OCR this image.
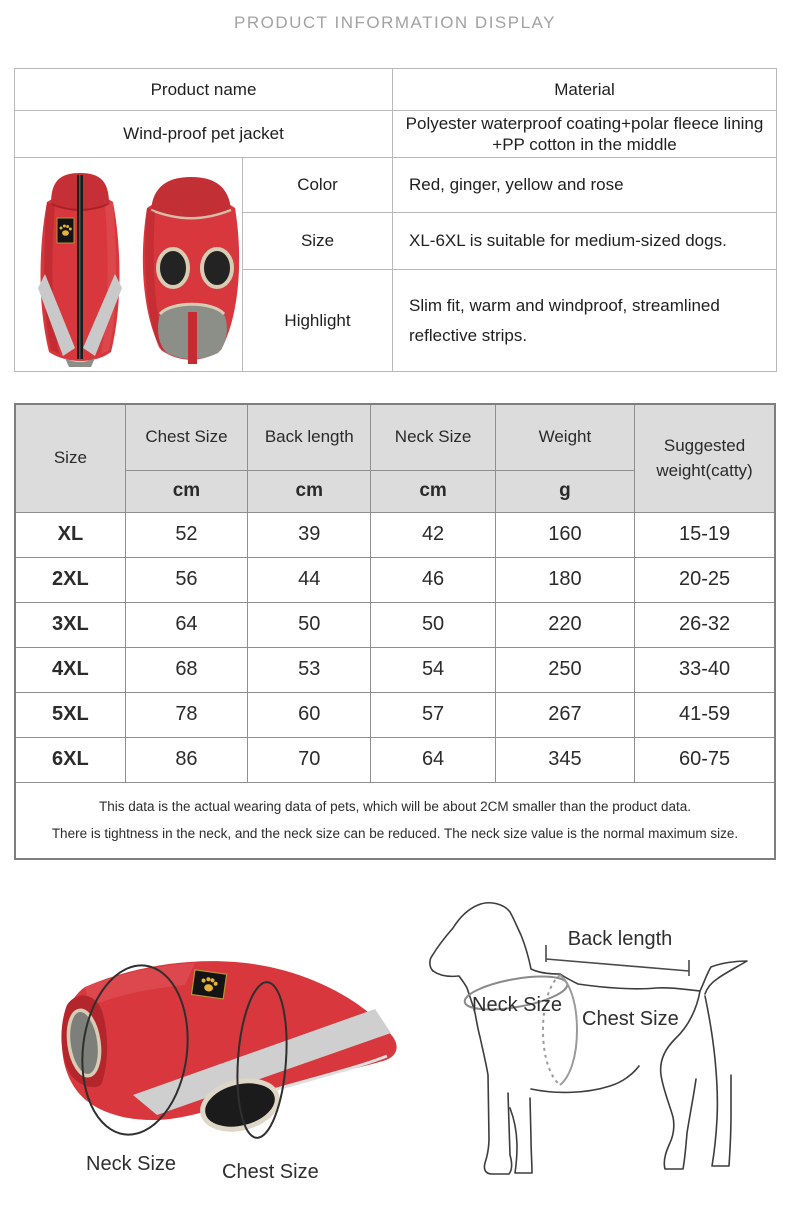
PRODUCT INFORMATION DISPLAY
Product name		Material
Wind-proof pet jacket		Polyester waterproof coating+polar fleece lining +PP cotton in the middle

	Color	Red, ginger, yellow and rose
	Size	XL-6XL is suitable for medium-sized dogs.
	Highlight	Slim fit, warm and windproof, streamlined reflective strips.
Size	Chest Size	Back length	Neck Size	Weight	Suggested weight(catty)
	cm	cm	cm	g	
XL	52	39	42	160	15-19
2XL	56	44	46	180	20-25
3XL	64	50	50	220	26-32
4XL	68	53	54	250	33-40
5XL	78	60	57	267	41-59
6XL	86	70	64	345	60-75

This data is the actual wearing data of pets, which will be about 2CM smaller than the product data.
There is tightness in the neck, and the neck size can be reduced. The neck size value is the normal maximum size.					
Back length
Neck Size
Chest Size
Neck Size Chest Size
